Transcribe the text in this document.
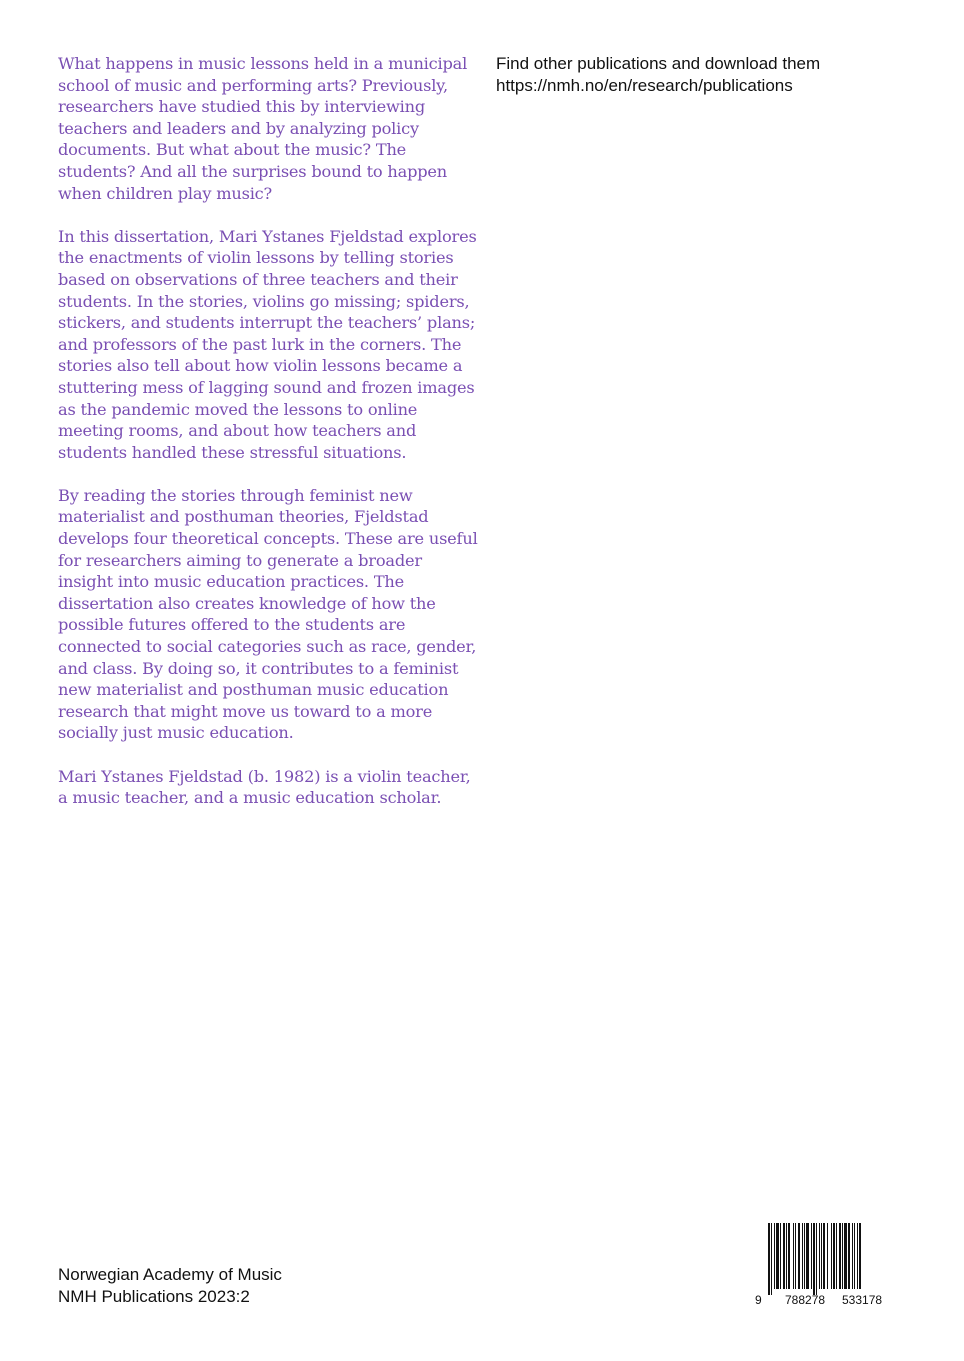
What happens in music lessons held in a municipal school of music and performing arts? Previously, researchers have studied this by interviewing teachers and leaders and by analyzing policy documents. But what about the music? The students? And all the surprises bound to happen when children play music?

In this dissertation, Mari Ystanes Fjeldstad explores the enactments of violin lessons by telling stories based on observations of three teachers and their students. In the stories, violins go missing; spiders, stickers, and students interrupt the teachers’ plans; and professors of the past lurk in the corners. The stories also tell about how violin lessons became a stuttering mess of lagging sound and frozen images as the pandemic moved the lessons to online meeting rooms, and about how teachers and students handled these stressful situations.

By reading the stories through feminist new materialist and posthuman theories, Fjeldstad develops four theoretical concepts. These are useful for researchers aiming to generate a broader insight into music education practices. The dissertation also creates knowledge of how the possible futures offered to the students are connected to social categories such as race, gender, and class. By doing so, it contributes to a feminist new materialist and posthuman music education research that might move us toward to a more socially just music education.

Mari Ystanes Fjeldstad (b. 1982) is a violin teacher, a music teacher, and a music education scholar.

Find other publications and download them
https://nmh.no/en/research/publications
Norwegian Academy of Music
NMH Publications 2023:2	9 788278 533178
